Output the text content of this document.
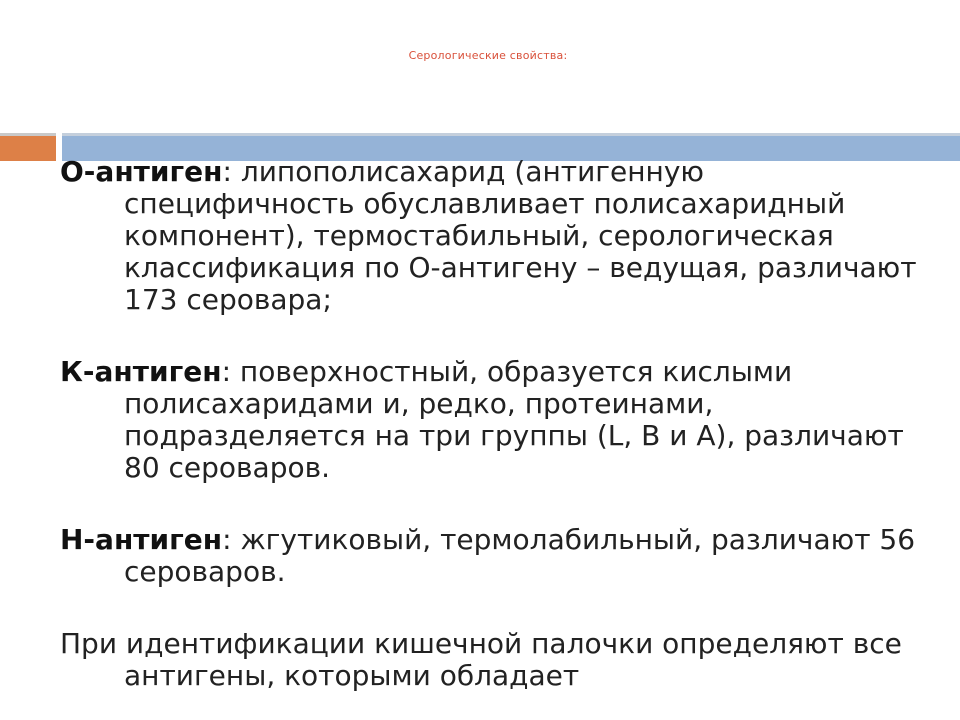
Серологические свойства:

О-антиген: липополисахарид (антигенную специфичность обуславливает полисахаридный компонент), термостабильный, серологическая классификация по О-антигену – ведущая, различают 173 серовара;

К-антиген: поверхностный, образуется кислыми полисахаридами и, редко, протеинами, подразделяется на три группы (L, В и А), различают 80 сероваров.

Н-антиген: жгутиковый, термолабильный, различают 56 сероваров.

При идентификации кишечной палочки определяют все антигены, которыми обладает
